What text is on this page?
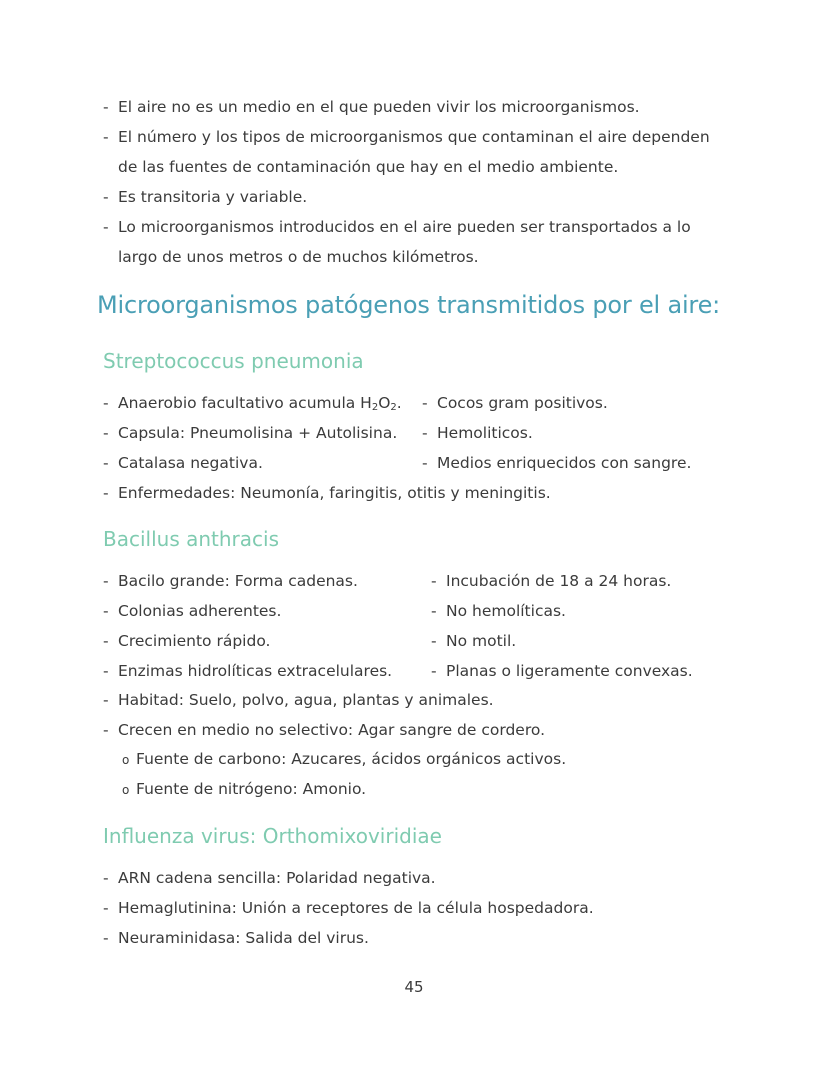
- El aire no es un medio en el que pueden vivir los microorganismos.
- El número y los tipos de microorganismos que contaminan el aire dependen
de las fuentes de contaminación que hay en el medio ambiente.
- Es transitoria y variable.
- Lo microorganismos introducidos en el aire pueden ser transportados a lo
largo de unos metros o de muchos kilómetros.
Microorganismos patógenos transmitidos por el aire:
Streptococcus pneumonia
- Anaerobio facultativo acumula $H_2O_2$.
- Capsula: Pneumolisina + Autolisina.
- Catalasa negativa.
- Cocos gram positivos.
- Hemoliticos.
- Medios enriquecidos con sangre.
- Enfermedades: Neumonía, faringitis, otitis y meningitis.
Bacillus anthracis
- Bacilo grande: Forma cadenas.
- Colonias adherentes.
- Crecimiento rápido.
- Enzimas hidrolíticas extracelulares.
- Incubación de 18 a 24 horas.
- No hemolíticas.
- No motil.
- Planas o ligeramente convexas.
- Habitad: Suelo, polvo, agua, plantas y animales.
- Crecen en medio no selectivo: Agar sangre de cordero.
o Fuente de carbono: Azucares, ácidos orgánicos activos.
o Fuente de nitrógeno: Amonio.
Influenza virus: Orthomixoviridiae
- ARN cadena sencilla: Polaridad negativa.
- Hemaglutinina: Unión a receptores de la célula hospedadora.
- Neuraminidasa: Salida del virus.
45
